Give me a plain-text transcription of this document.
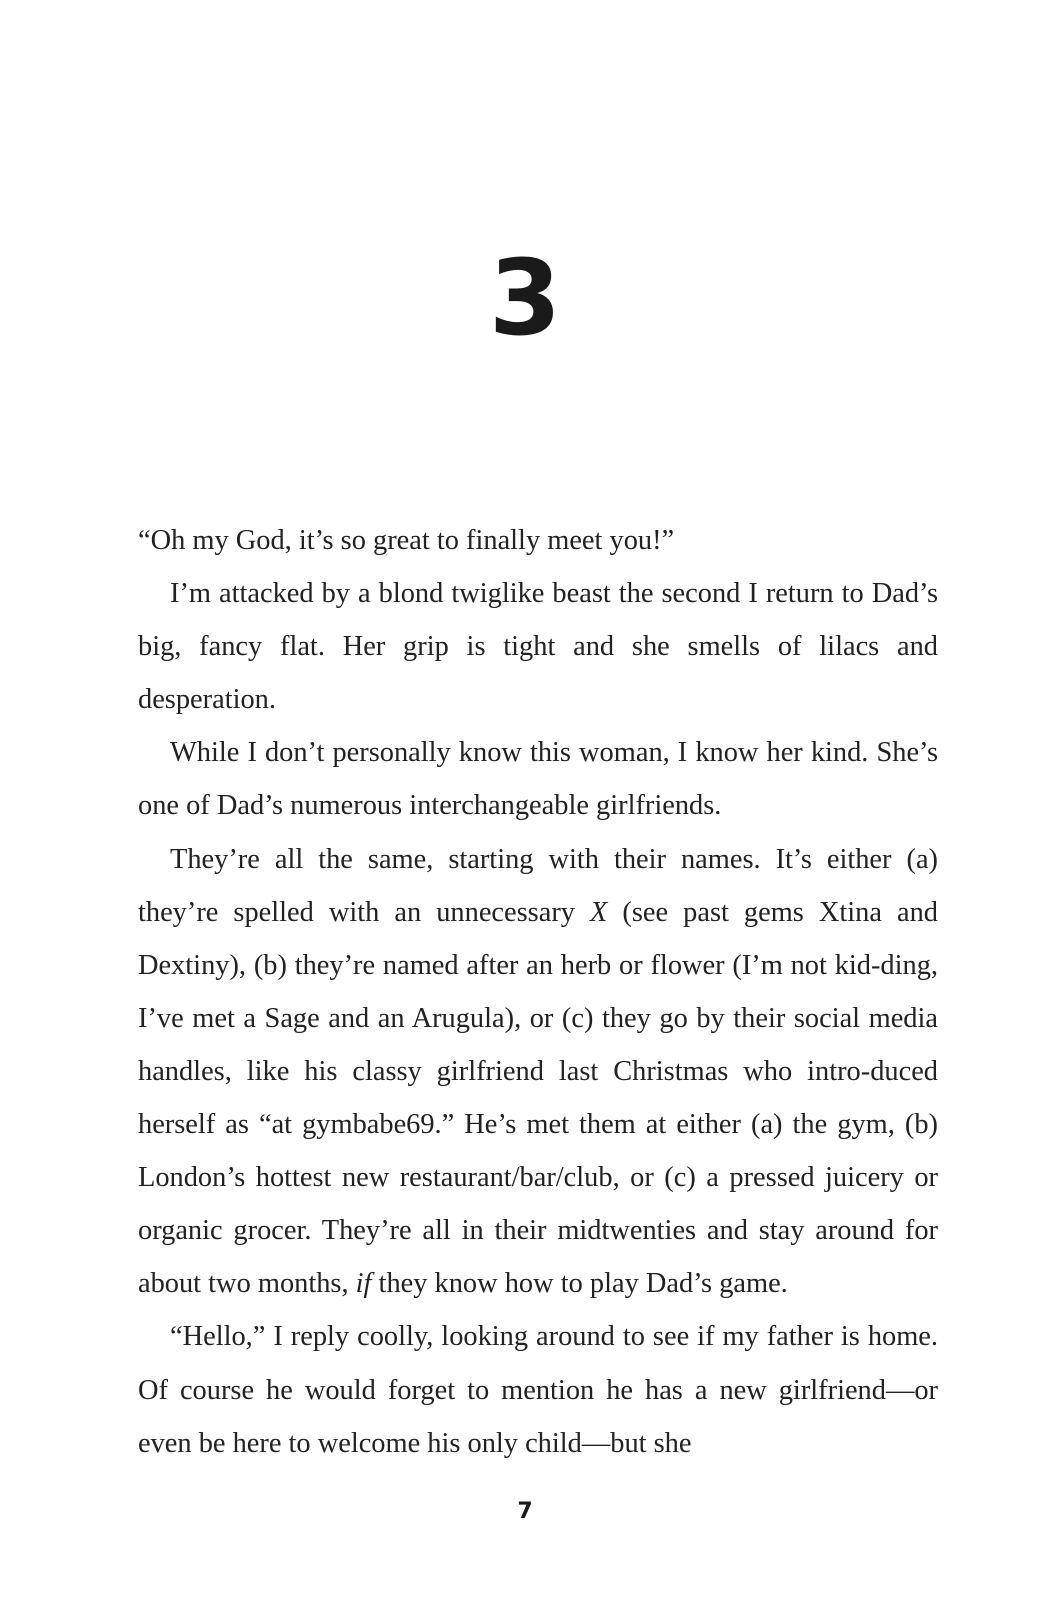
3

“Oh my God, it’s so great to finally meet you!”

I’m attacked by a blond twiglike beast the second I return to Dad’s big, fancy flat. Her grip is tight and she smells of lilacs and desperation.

While I don’t personally know this woman, I know her kind. She’s one of Dad’s numerous interchangeable girlfriends.

They’re all the same, starting with their names. It’s either (a) they’re spelled with an unnecessary X (see past gems Xtina and Dextiny), (b) they’re named after an herb or flower (I’m not kid-ding, I’ve met a Sage and an Arugula), or (c) they go by their social media handles, like his classy girlfriend last Christmas who intro-duced herself as “at gymbabe69.” He’s met them at either (a) the gym, (b) London’s hottest new restaurant/bar/club, or (c) a pressed juicery or organic grocer. They’re all in their midtwenties and stay around for about two months, if they know how to play Dad’s game.

“Hello,” I reply coolly, looking around to see if my father is home. Of course he would forget to mention he has a new girlfriend—or even be here to welcome his only child—but she

7
